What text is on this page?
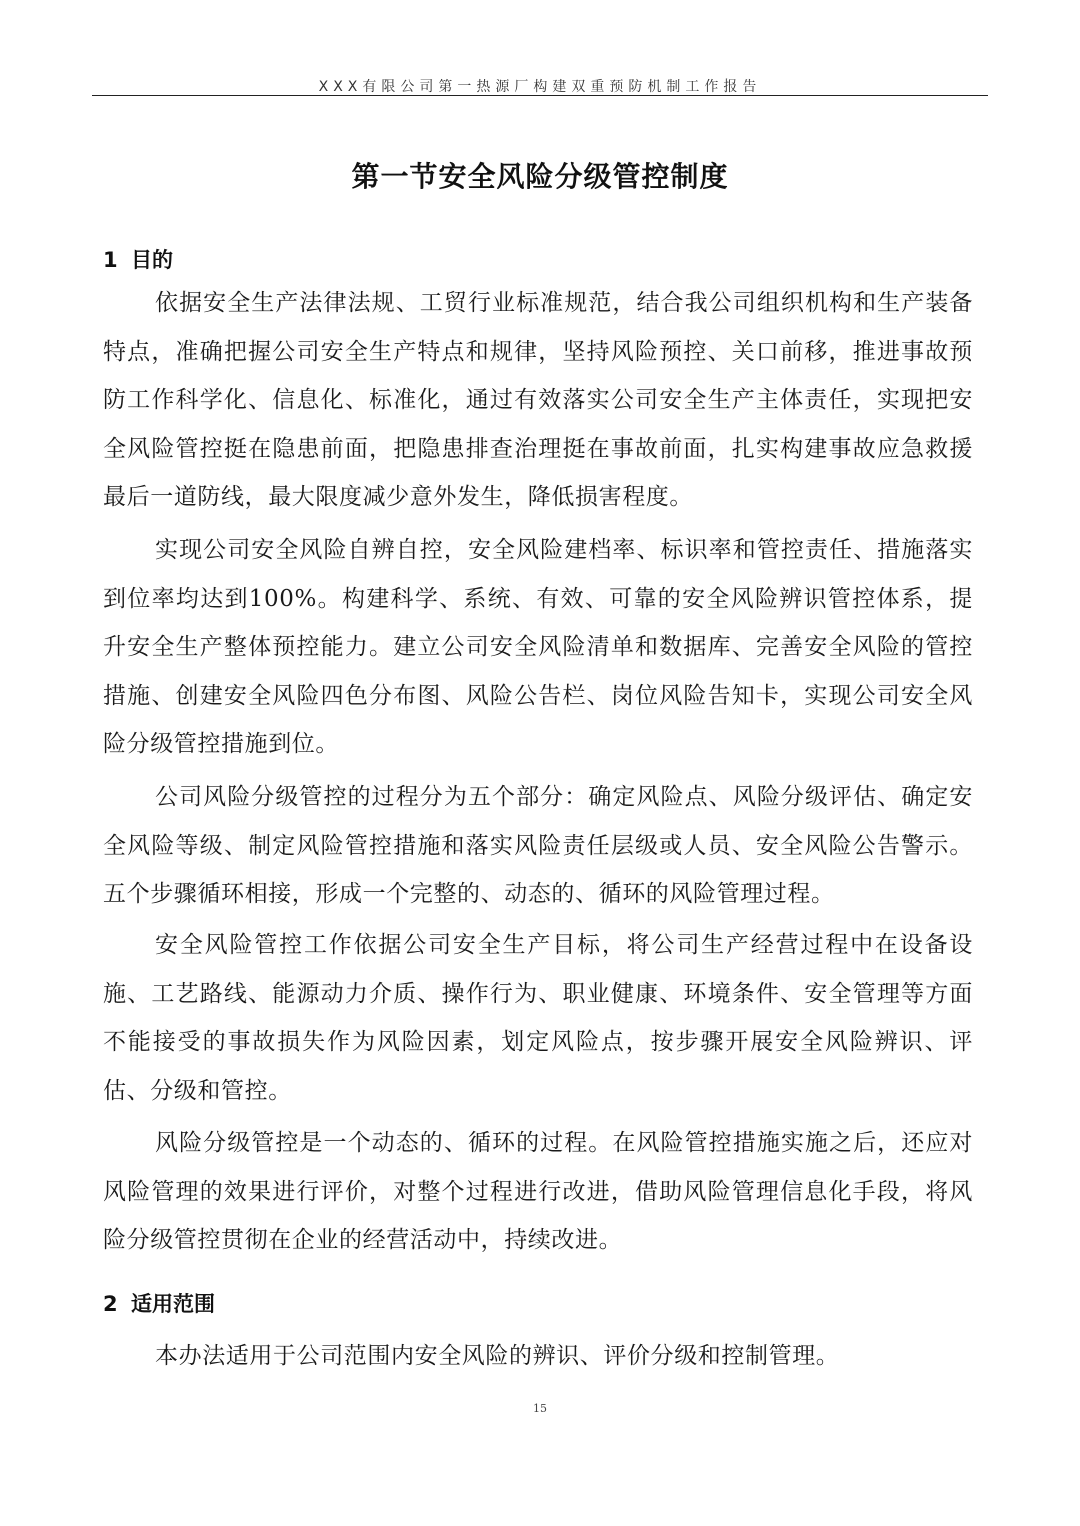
XXX有限公司第一热源厂构建双重预防机制工作报告
第一节安全风险分级管控制度
1 目的

依据安全生产法律法规、工贸行业标准规范，结合我公司组织机构和生产装备特点，准确把握公司安全生产特点和规律，坚持风险预控、关口前移，推进事故预防工作科学化、信息化、标准化，通过有效落实公司安全生产主体责任，实现把安全风险管控挺在隐患前面，把隐患排查治理挺在事故前面，扎实构建事故应急救援最后一道防线，最大限度减少意外发生，降低损害程度。

实现公司安全风险自辨自控，安全风险建档率、标识率和管控责任、措施落实到位率均达到100%。构建科学、系统、有效、可靠的安全风险辨识管控体系，提升安全生产整体预控能力。建立公司安全风险清单和数据库、完善安全风险的管控措施、创建安全风险四色分布图、风险公告栏、岗位风险告知卡，实现公司安全风险分级管控措施到位。

公司风险分级管控的过程分为五个部分：确定风险点、风险分级评估、确定安全风险等级、制定风险管控措施和落实风险责任层级或人员、安全风险公告警示。五个步骤循环相接，形成一个完整的、动态的、循环的风险管理过程。

安全风险管控工作依据公司安全生产目标，将公司生产经营过程中在设备设施、工艺路线、能源动力介质、操作行为、职业健康、环境条件、安全管理等方面不能接受的事故损失作为风险因素，划定风险点，按步骤开展安全风险辨识、评估、分级和管控。

风险分级管控是一个动态的、循环的过程。在风险管控措施实施之后，还应对风险管理的效果进行评价，对整个过程进行改进，借助风险管理信息化手段，将风险分级管控贯彻在企业的经营活动中，持续改进。

2 适用范围

本办法适用于公司范围内安全风险的辨识、评价分级和控制管理。

15
